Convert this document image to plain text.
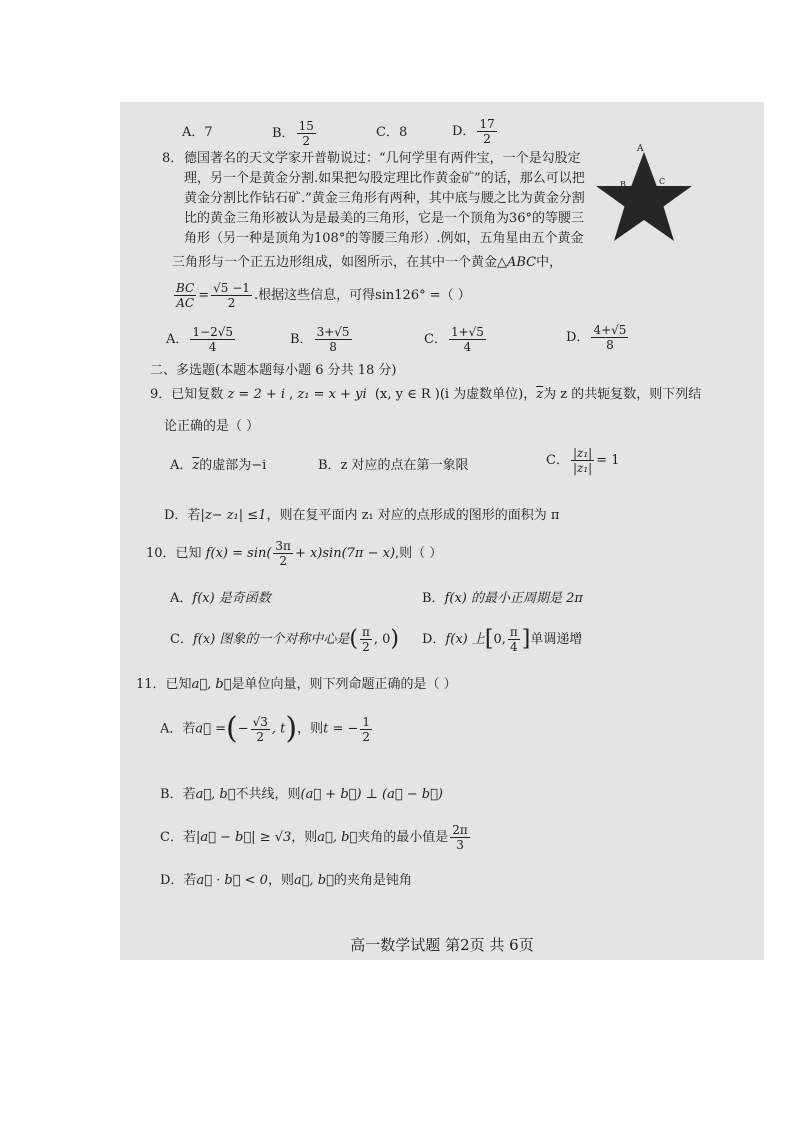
A．7	B． $\frac{15}{2}$	C．8	D． $\frac{17}{2}$
8． 德国著名的天文学家开普勒说过：“几何学里有两件宝，一个是勾股定
理，另一个是黄金分割.如果把勾股定理比作黄金矿”的话，那么可以把
黄金分割比作钻石矿.”黄金三角形有两种，其中底与腰之比为黄金分割
比的黄金三角形被认为是最美的三角形，它是一个顶角为36°的等腰三
角形（另一种是顶角为108°的等腰三角形）.例如，五角星由五个黄金
三角形与一个正五边形组成，如图所示，在其中一个黄金△ABC中，
$\frac{BC}{AC} = \frac{√5 -1}{2}$ .根据这些信息，可得sin126° =（ ）
A
B	C
A． $\frac{1-2√5}{4}$	B． $\frac{3+√5}{8}$	C． $\frac{1+√5}{4}$	D． $\frac{4+√5}{8}$
二、多选题(本题本题每小题 6 分共 18 分)
9．已知复数 z = 2 + i , z₁ = x + yi (x, y ∈ R )(i 为虚数单位)，$\overline{z}$为 z 的共轭复数，则下列结
论正确的是（ ）
A．$\overline{z}$的虚部为−i	B．z 对应的点在第一象限	C． $\frac{\text{|z₁|}}{\text{|z₁|}} = 1$
D．若|z− z₁| ≤1，则在复平面内 z₁ 对应的点形成的图形的面积为 π
10．已知 $f(x) = \sin( \frac{3\pi}{2} + x)\sin(7\pi - x)$,则（ ）
A．f(x) 是奇函数	B．f(x) 的最小正周期是 2π
C．f(x) 图象的一个对称中心是( $\frac{\pi}{2}$ , 0) D．f(x) 上[0, $\frac{\pi}{4}$ ]单调递增
11．已知a⃗, b⃗是单位向量，则下列命题正确的是（ ）
A．若a⃗ =(− $\frac{√3}{2}$ , t)，则t = − $\frac{1}{2}$
B．若a⃗, b⃗不共线，则(a⃗ + b⃗) ⊥ (a⃗ − b⃗)
C．若|a⃗ − b⃗| ≥ √3，则a⃗, b⃗夹角的最小值是 $\frac{2\pi}{3}$
D．若a⃗ · b⃗ < 0，则a⃗, b⃗的夹角是钝角
高一数学试题 第2页 共 6页
